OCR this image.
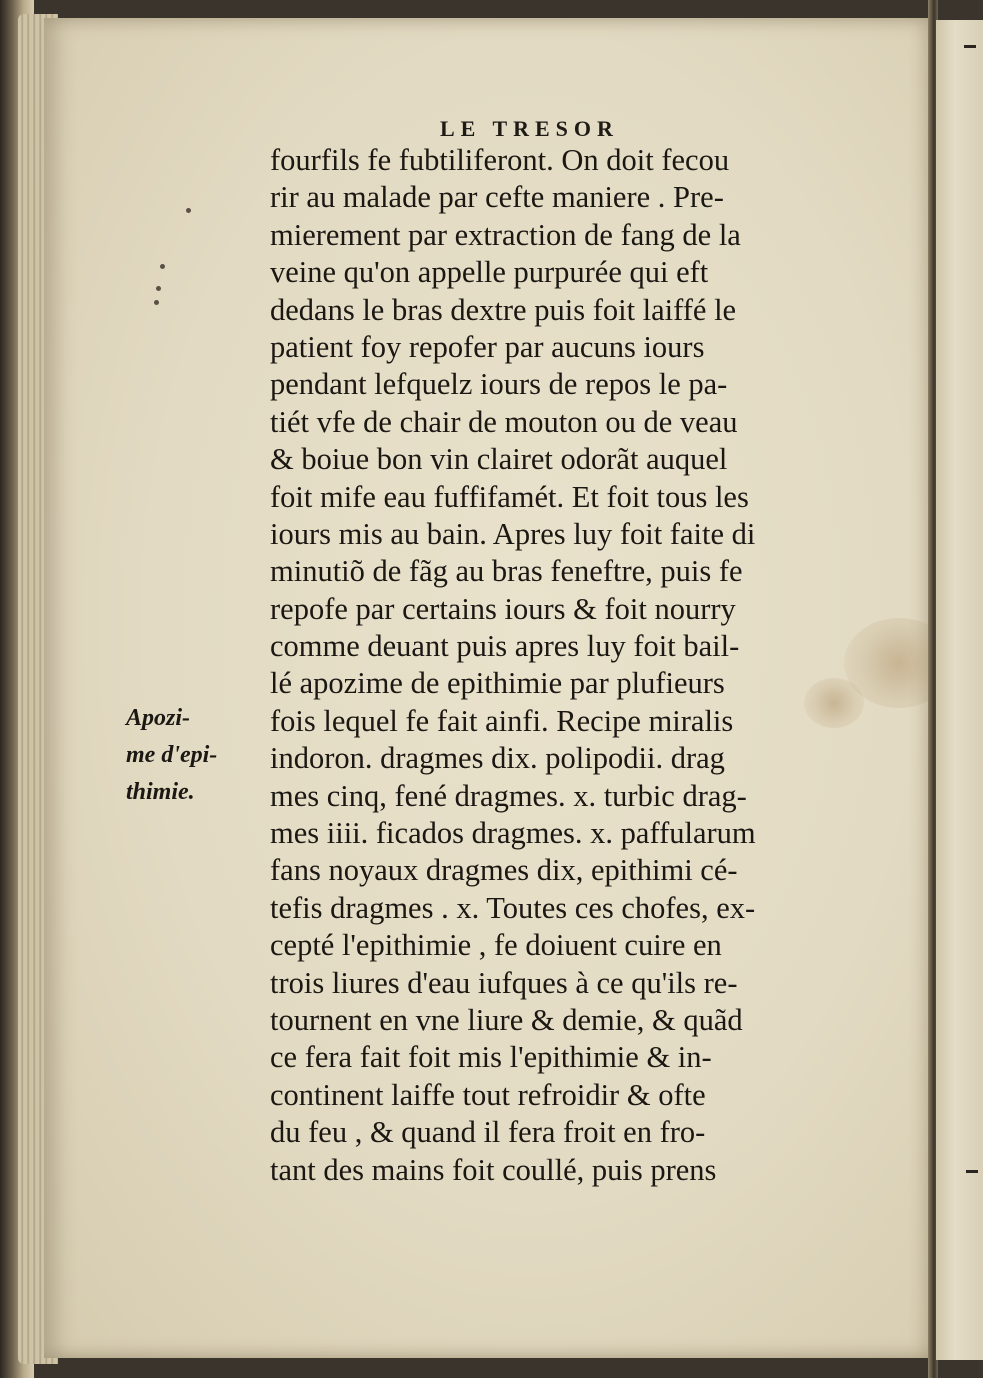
LE TRESOR
fourfils fe fubtiliferont. On doit fecou
rir au malade par cefte maniere . Pre-
mierement par extraction de fang de la
veine qu'on appelle purpurée qui eft
dedans le bras dextre puis foit laiffé le
patient foy repofer par aucuns iours
pendant lefquelz iours de repos le pa-
tiét vfe de chair de mouton ou de veau
& boiue bon vin clairet odorãt auquel
foit mife eau fuffifamét. Et foit tous les
iours mis au bain. Apres luy foit faite di
minutiõ de fãg au bras feneftre, puis fe
repofe par certains iours & foit nourry
comme deuant puis apres luy foit bail-
lé apozime de epithimie par plufieurs
fois lequel fe fait ainfi. Recipe miralis
indoron. dragmes dix. polipodii. drag
mes cinq, fené dragmes. x. turbic drag-
mes iiii. ficados dragmes. x. paffularum
fans noyaux dragmes dix, epithimi cé-
tefis dragmes . x. Toutes ces chofes, ex-
cepté l'epithimie , fe doiuent cuire en
trois liures d'eau iufques à ce qu'ils re-
tournent en vne liure & demie, & quãd
ce fera fait foit mis l'epithimie & in-
continent laiffe tout refroidir & ofte
du feu , & quand il fera froit en fro-
tant des mains foit coullé, puis prens
Apozi-
me d'epi-
thimie.
